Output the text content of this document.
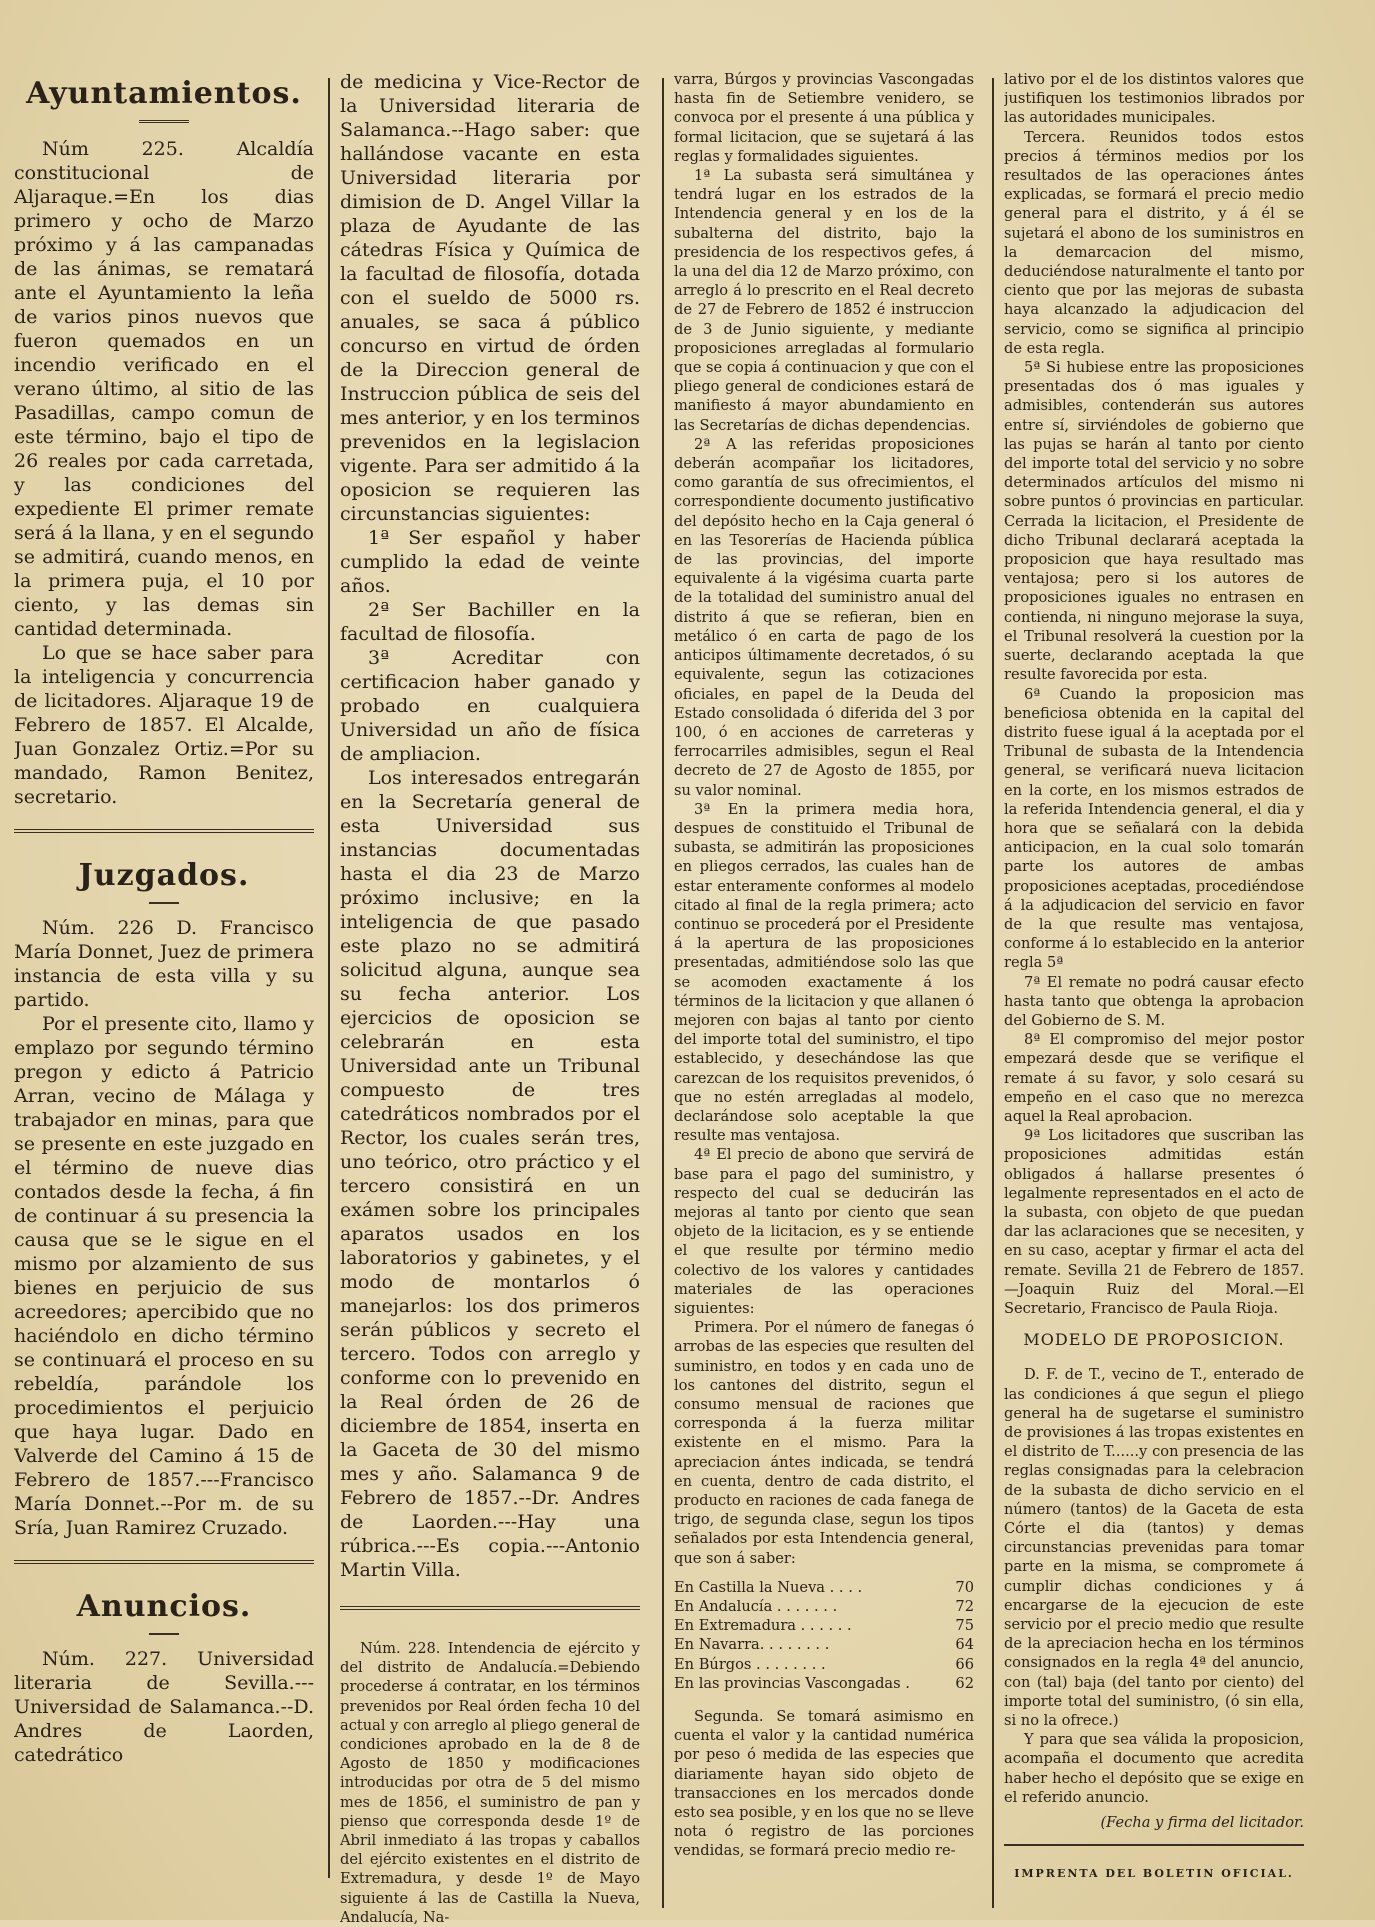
Ayuntamientos.

Núm 225. Alcaldía constitucional de Aljaraque.=En los dias primero y ocho de Marzo próximo y á las campanadas de las ánimas, se rematará ante el Ayuntamiento la leña de varios pinos nuevos que fueron quemados en un incendio verificado en el verano último, al sitio de las Pasadillas, campo comun de este término, bajo el tipo de 26 reales por cada carretada, y las condiciones del expediente El primer remate será á la llana, y en el segundo se admitirá, cuando menos, en la primera puja, el 10 por ciento, y las demas sin cantidad determinada.

Lo que se hace saber para la inteligencia y concurrencia de licitadores. Aljaraque 19 de Febrero de 1857. El Alcalde, Juan Gonzalez Ortiz.=Por su mandado, Ramon Benitez, secretario.

Juzgados.

Núm. 226 D. Francisco María Donnet, Juez de primera instancia de esta villa y su partido.

Por el presente cito, llamo y emplazo por segundo término pregon y edicto á Patricio Arran, vecino de Málaga y trabajador en minas, para que se presente en este juzgado en el término de nueve dias contados desde la fecha, á fin de continuar á su presencia la causa que se le sigue en el mismo por alzamiento de sus bienes en perjuicio de sus acreedores; apercibido que no haciéndolo en dicho término se continuará el proceso en su rebeldía, parándole los procedimientos el perjuicio que haya lugar. Dado en Valverde del Camino á 15 de Febrero de 1857.---Francisco María Donnet.--Por m. de su Sría, Juan Ramirez Cruzado.

Anuncios.

Núm. 227. Universidad literaria de Sevilla.---Universidad de Salamanca.--D. Andres de Laorden, catedrático

de medicina y Vice-Rector de la Universidad literaria de Salamanca.--Hago saber: que hallándose vacante en esta Universidad literaria por dimision de D. Angel Villar la plaza de Ayudante de las cátedras Física y Química de la facultad de filosofía, dotada con el sueldo de 5000 rs. anuales, se saca á público concurso en virtud de órden de la Direccion general de Instruccion pública de seis del mes anterior, y en los terminos prevenidos en la legislacion vigente. Para ser admitido á la oposicion se requieren las circunstancias siguientes:

1ª Ser español y haber cumplido la edad de veinte años.

2ª Ser Bachiller en la facultad de filosofía.

3ª Acreditar con certificacion haber ganado y probado en cualquiera Universidad un año de física de ampliacion.

Los interesados entregarán en la Secretaría general de esta Universidad sus instancias documentadas hasta el dia 23 de Marzo próximo inclusive; en la inteligencia de que pasado este plazo no se admitirá solicitud alguna, aunque sea su fecha anterior. Los ejercicios de oposicion se celebrarán en esta Universidad ante un Tribunal compuesto de tres catedráticos nombrados por el Rector, los cuales serán tres, uno teórico, otro práctico y el tercero consistirá en un exámen sobre los principales aparatos usados en los laboratorios y gabinetes, y el modo de montarlos ó manejarlos: los dos primeros serán públicos y secreto el tercero. Todos con arreglo y conforme con lo prevenido en la Real órden de 26 de diciembre de 1854, inserta en la Gaceta de 30 del mismo mes y año. Salamanca 9 de Febrero de 1857.--Dr. Andres de Laorden.---Hay una rúbrica.---Es copia.---Antonio Martin Villa.

Núm. 228. Intendencia de ejército y del distrito de Andalucía.=Debiendo procederse á contratar, en los términos prevenidos por Real órden fecha 10 del actual y con arreglo al pliego general de condiciones aprobado en la de 8 de Agosto de 1850 y modificaciones introducidas por otra de 5 del mismo mes de 1856, el suministro de pan y pienso que corresponda desde 1º de Abril inmediato á las tropas y caballos del ejército existentes en el distrito de Extremadura, y desde 1º de Mayo siguiente á las de Castilla la Nueva, Andalucía, Na-

varra, Búrgos y provincias Vascongadas hasta fin de Setiembre venidero, se convoca por el presente á una pública y formal licitacion, que se sujetará á las reglas y formalidades siguientes.

1ª La subasta será simultánea y tendrá lugar en los estrados de la Intendencia general y en los de la subalterna del distrito, bajo la presidencia de los respectivos gefes, á la una del dia 12 de Marzo próximo, con arreglo á lo prescrito en el Real decreto de 27 de Febrero de 1852 é instruccion de 3 de Junio siguiente, y mediante proposiciones arregladas al formulario que se copia á continuacion y que con el pliego general de condiciones estará de manifiesto á mayor abundamiento en las Secretarías de dichas dependencias.

2ª A las referidas proposiciones deberán acompañar los licitadores, como garantía de sus ofrecimientos, el correspondiente documento justificativo del depósito hecho en la Caja general ó en las Tesorerías de Hacienda pública de las provincias, del importe equivalente á la vigésima cuarta parte de la totalidad del suministro anual del distrito á que se refieran, bien en metálico ó en carta de pago de los anticipos últimamente decretados, ó su equivalente, segun las cotizaciones oficiales, en papel de la Deuda del Estado consolidada ó diferida del 3 por 100, ó en acciones de carreteras y ferrocarriles admisibles, segun el Real decreto de 27 de Agosto de 1855, por su valor nominal.

3ª En la primera media hora, despues de constituido el Tribunal de subasta, se admitirán las proposiciones en pliegos cerrados, las cuales han de estar enteramente conformes al modelo citado al final de la regla primera; acto continuo se procederá por el Presidente á la apertura de las proposiciones presentadas, admitiéndose solo las que se acomoden exactamente á los términos de la licitacion y que allanen ó mejoren con bajas al tanto por ciento del importe total del suministro, el tipo establecido, y desechándose las que carezcan de los requisitos prevenidos, ó que no estén arregladas al modelo, declarándose solo aceptable la que resulte mas ventajosa.

4ª El precio de abono que servirá de base para el pago del suministro, y respecto del cual se deducirán las mejoras al tanto por ciento que sean objeto de la licitacion, es y se entiende el que resulte por término medio colectivo de los valores y cantidades materiales de las operaciones siguientes:

Primera. Por el número de fanegas ó arrobas de las especies que resulten del suministro, en todos y en cada uno de los cantones del distrito, segun el consumo mensual de raciones que corresponda á la fuerza militar existente en el mismo. Para la apreciacion ántes indicada, se tendrá en cuenta, dentro de cada distrito, el producto en raciones de cada fanega de trigo, de segunda clase, segun los tipos señalados por esta Intendencia general, que son á saber:

En Castilla la Nueva . . . .	70
En Andalucía . . . . . . .	72
En Extremadura . . . . . .	75
En Navarra. . . . . . . .	64
En Búrgos . . . . . . . .	66
En las provincias Vascongadas .	62

Segunda. Se tomará asimismo en cuenta el valor y la cantidad numérica por peso ó medida de las especies que diariamente hayan sido objeto de transacciones en los mercados donde esto sea posible, y en los que no se lleve nota ó registro de las porciones vendidas, se formará precio medio re-

lativo por el de los distintos valores que justifiquen los testimonios librados por las autoridades municipales.

Tercera. Reunidos todos estos precios á términos medios por los resultados de las operaciones ántes explicadas, se formará el precio medio general para el distrito, y á él se sujetará el abono de los suministros en la demarcacion del mismo, deduciéndose naturalmente el tanto por ciento que por las mejoras de subasta haya alcanzado la adjudicacion del servicio, como se significa al principio de esta regla.

5ª Si hubiese entre las proposiciones presentadas dos ó mas iguales y admisibles, contenderán sus autores entre sí, sirviéndoles de gobierno que las pujas se harán al tanto por ciento del importe total del servicio y no sobre determinados artículos del mismo ni sobre puntos ó provincias en particular. Cerrada la licitacion, el Presidente de dicho Tribunal declarará aceptada la proposicion que haya resultado mas ventajosa; pero si los autores de proposiciones iguales no entrasen en contienda, ni ninguno mejorase la suya, el Tribunal resolverá la cuestion por la suerte, declarando aceptada la que resulte favorecida por esta.

6ª Cuando la proposicion mas beneficiosa obtenida en la capital del distrito fuese igual á la aceptada por el Tribunal de subasta de la Intendencia general, se verificará nueva licitacion en la corte, en los mismos estrados de la referida Intendencia general, el dia y hora que se señalará con la debida anticipacion, en la cual solo tomarán parte los autores de ambas proposiciones aceptadas, procediéndose á la adjudicacion del servicio en favor de la que resulte mas ventajosa, conforme á lo establecido en la anterior regla 5ª

7ª El remate no podrá causar efecto hasta tanto que obtenga la aprobacion del Gobierno de S. M.

8ª El compromiso del mejor postor empezará desde que se verifique el remate á su favor, y solo cesará su empeño en el caso que no merezca aquel la Real aprobacion.

9ª Los licitadores que suscriban las proposiciones admitidas están obligados á hallarse presentes ó legalmente representados en el acto de la subasta, con objeto de que puedan dar las aclaraciones que se necesiten, y en su caso, aceptar y firmar el acta del remate. Sevilla 21 de Febrero de 1857. —Joaquin Ruiz del Moral.—El Secretario, Francisco de Paula Rioja.

MODELO DE PROPOSICION.

D. F. de T., vecino de T., enterado de las condiciones á que segun el pliego general ha de sugetarse el suministro de provisiones á las tropas existentes en el distrito de T......y con presencia de las reglas consignadas para la celebracion de la subasta de dicho servicio en el número (tantos) de la Gaceta de esta Córte el dia (tantos) y demas circunstancias prevenidas para tomar parte en la misma, se compromete á cumplir dichas condiciones y á encargarse de la ejecucion de este servicio por el precio medio que resulte de la apreciacion hecha en los términos consignados en la regla 4ª del anuncio, con (tal) baja (del tanto por ciento) del importe total del suministro, (ó sin ella, si no la ofrece.)

Y para que sea válida la proposicion, acompaña el documento que acredita haber hecho el depósito que se exige en el referido anuncio.

(Fecha y firma del licitador.
IMPRENTA DEL BOLETIN OFICIAL.
